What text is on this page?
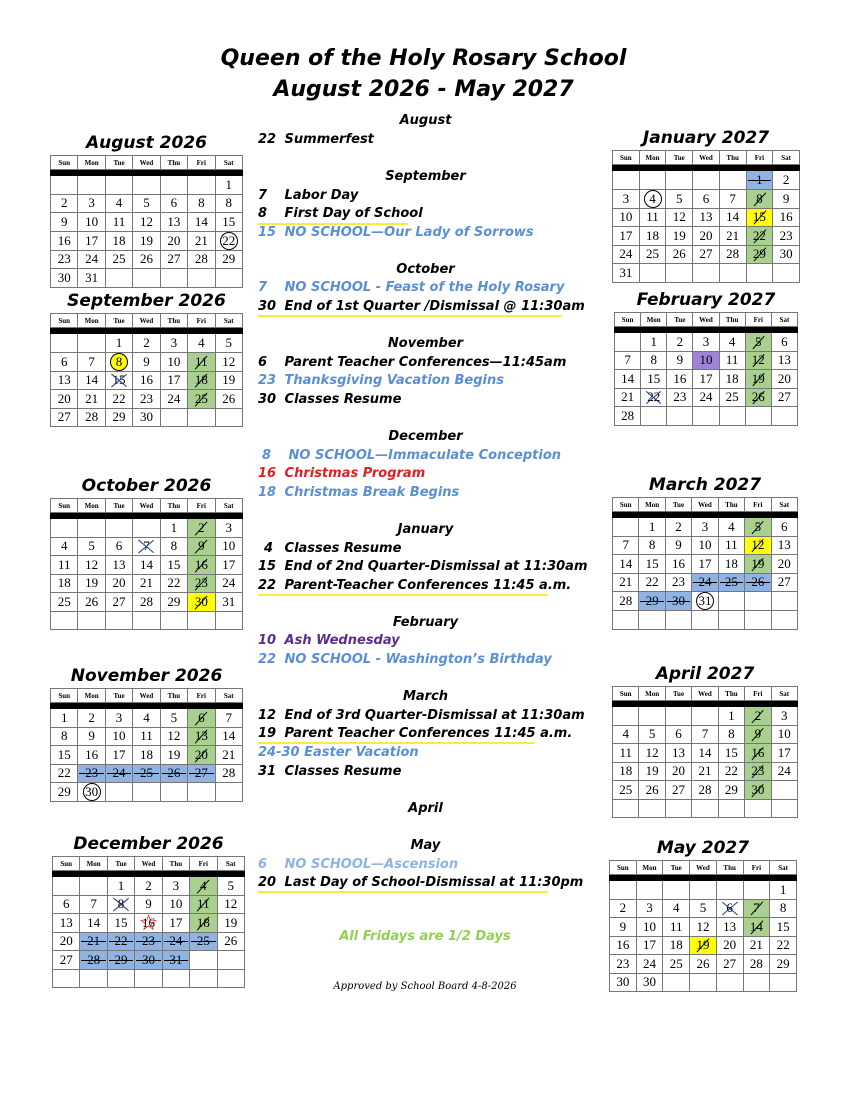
Queen of the Holy Rosary School
August 2026 - May 2027
August 2026
Sun	Mon	Tue	Wed	Thu	Fri	Sat

						1
2	3	4	5	6	8	8
9	10	11	12	13	14	15
16	17	18	19	20	21	22
23	24	25	26	27	28	29
30	31					
September 2026
Sun	Mon	Tue	Wed	Thu	Fri	Sat

		1	2	3	4	5
6	7	8	9	10	11	12
13	14	15	16	17	18	19
20	21	22	23	24	25	26
27	28	29	30			
October 2026
Sun	Mon	Tue	Wed	Thu	Fri	Sat

				1	2	3
4	5	6	7	8	9	10
11	12	13	14	15	16	17
18	19	20	21	22	23	24
25	26	27	28	29	30	31

November 2026
Sun	Mon	Tue	Wed	Thu	Fri	Sat

1	2	3	4	5	6	7
8	9	10	11	12	13	14
15	16	17	18	19	20	21
22	23	24	25	26	27	28
29	30					
December 2026
Sun	Mon	Tue	Wed	Thu	Fri	Sat

		1	2	3	4	5
6	7	8	9	10	11	12
13	14	15	☆ 16	17	18	19
20	21	22	23	24	25	26
27	28	29	30	31		

January 2027
Sun	Mon	Tue	Wed	Thu	Fri	Sat

					1	2
3	4	5	6	7	8	9
10	11	12	13	14	15	16
17	18	19	20	21	22	23
24	25	26	27	28	29	30
31						
February 2027
Sun	Mon	Tue	Wed	Thu	Fri	Sat

	1	2	3	4	5	6
7	8	9	10	11	12	13
14	15	16	17	18	19	20
21	22	23	24	25	26	27
28						
March 2027
Sun	Mon	Tue	Wed	Thu	Fri	Sat

	1	2	3	4	5	6
7	8	9	10	11	12	13
14	15	16	17	18	19	20
21	22	23	24	25	26	27
28	29	30	31			

April 2027
Sun	Mon	Tue	Wed	Thu	Fri	Sat

				1	2	3
4	5	6	7	8	9	10
11	12	13	14	15	16	17
18	19	20	21	22	23	24
25	26	27	28	29	30	

May 2027
Sun	Mon	Tue	Wed	Thu	Fri	Sat

						1
2	3	4	5	6	7	8
9	10	11	12	13	14	15
16	17	18	19	20	21	22
23	24	25	26	27	28	29
30	30					
August
22 Summerfest
September
7 Labor Day
8 First Day of School
15 NO SCHOOL—Our Lady of Sorrows
October
7 NO SCHOOL - Feast of the Holy Rosary
30 End of 1st Quarter /Dismissal @ 11:30am
November
6 Parent Teacher Conferences—11:45am
23 Thanksgiving Vacation Begins
30 Classes Resume
December
8 NO SCHOOL—Immaculate Conception
16 Christmas Program
18 Christmas Break Begins
January
4 Classes Resume
15 End of 2nd Quarter-Dismissal at 11:30am
22 Parent-Teacher Conferences 11:45 a.m.
February
10 Ash Wednesday
22 NO SCHOOL - Washington’s Birthday
March
12 End of 3rd Quarter-Dismissal at 11:30am
19 Parent Teacher Conferences 11:45 a.m.
24-30 Easter Vacation
31 Classes Resume
April
May
6 NO SCHOOL—Ascension
20 Last Day of School-Dismissal at 11:30pm
All Fridays are 1/2 Days
Approved by School Board 4-8-2026
